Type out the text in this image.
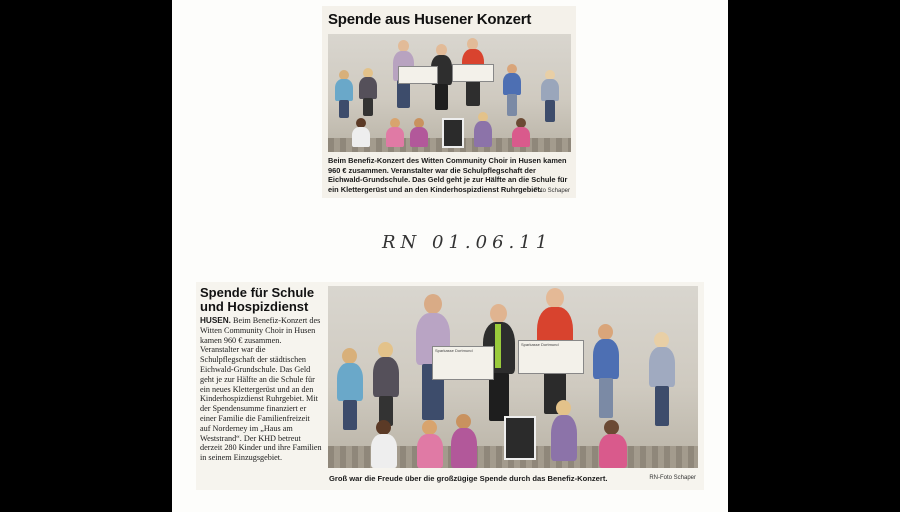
Spende aus Husener Konzert
Beim Benefiz-Konzert des Witten Community Choir in Husen kamen 960 € zusammen. Veranstalter war die Schulpflegschaft der Eichwald-Grundschule. Das Geld geht je zur Hälfte an die Schule für ein Klettergerüst und an den Kinderhospizdienst Ruhrgebiet.
Foto Schaper
RN 01.06.11
Spende für Schule und Hospizdienst
HUSEN. Beim Benefiz-Konzert des Witten Community Choir in Husen kamen 960 € zusammen. Veranstalter war die Schulpflegschaft der städtischen Eichwald-Grundschule. Das Geld geht je zur Hälfte an die Schule für ein neues Klettergerüst und an den Kinderhospizdienst Ruhrgebiet. Mit der Spendensumme finanziert er einer Familie die Familienfreizeit auf Norderney im „Haus am Weststrand“. Der KHD betreut derzeit 280 Kinder und ihre Familien in seinem Einzugsgebiet.
Sparkasse Dortmund
Sparkasse Dortmund
Groß war die Freude über die großzügige Spende durch das Benefiz-Konzert.	RN-Foto Schaper
